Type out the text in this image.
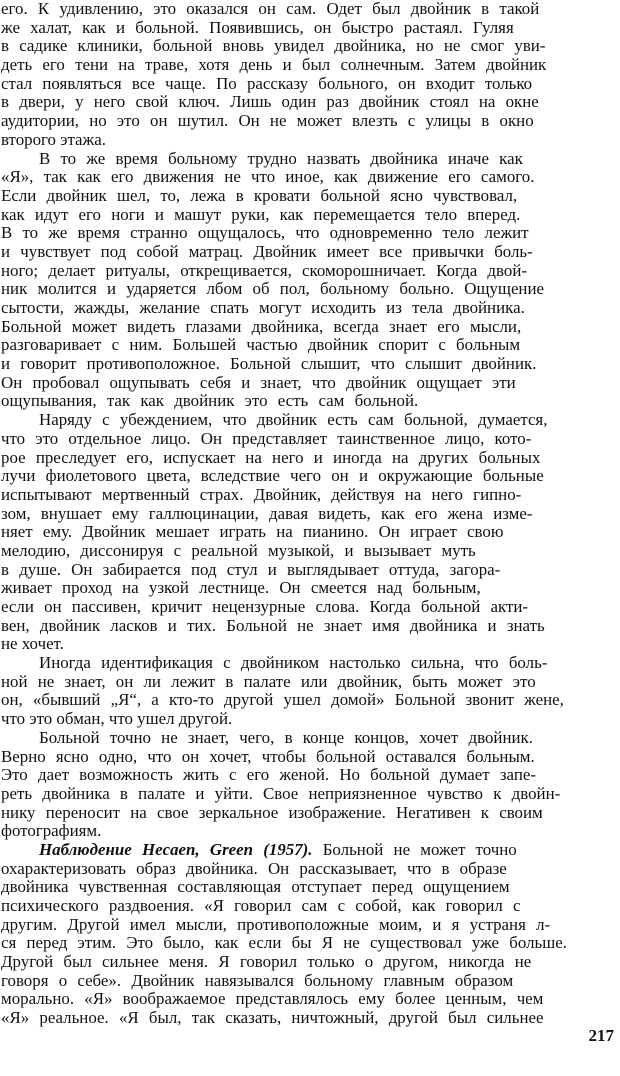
его. К удивлению, это оказался он сам. Одет был двойник в такой
же халат, как и больной. Появившись, он быстро растаял. Гуляя
в садике клиники, больной вновь увидел двойника, но не смог уви-
деть его тени на траве, хотя день и был солнечным. Затем двойник
стал появляться все чаще. По рассказу больного, он входит только
в двери, у него свой ключ. Лишь один раз двойник стоял на окне
аудитории, но это он шутил. Он не может влезть с улицы в окно
второго этажа.
В то же время больному трудно назвать двойника иначе как
«Я», так как его движения не что иное, как движение его самого.
Если двойник шел, то, лежа в кровати больной ясно чувствовал,
как идут его ноги и машут руки, как перемещается тело вперед.
В то же время странно ощущалось, что одновременно тело лежит
и чувствует под собой матрац. Двойник имеет все привычки боль-
ного; делает ритуалы, открещивается, скоморошничает. Когда двой-
ник молится и ударяется лбом об пол, больному больно. Ощущение
сытости, жажды, желание спать могут исходить из тела двойника.
Больной может видеть глазами двойника, всегда знает его мысли,
разговаривает с ним. Большей частью двойник спорит с больным
и говорит противоположное. Больной слышит, что слышит двойник.
Он пробовал ощупывать себя и знает, что двойник ощущает эти
ощупывания, так как двойник это есть сам больной.
Наряду с убеждением, что двойник есть сам больной, думается,
что это отдельное лицо. Он представляет таинственное лицо, кото-
рое преследует его, испускает на него и иногда на других больных
лучи фиолетового цвета, вследствие чего он и окружающие больные
испытывают мертвенный страх. Двойник, действуя на него гипно-
зом, внушает ему галлюцинации, давая видеть, как его жена изме-
няет ему. Двойник мешает играть на пианино. Он играет свою
мелодию, диссонируя с реальной музыкой, и вызывает муть
в душе. Он забирается под стул и выглядывает оттуда, загора-
живает проход на узкой лестнице. Он смеется над больным,
если он пассивен, кричит нецензурные слова. Когда больной акти-
вен, двойник ласков и тих. Больной не знает имя двойника и знать
не хочет.
Иногда идентификация с двойником настолько сильна, что боль-
ной не знает, он ли лежит в палате или двойник, быть может это
он, «бывший „Я“, а кто-то другой ушел домой» Больной звонит жене,
что это обман, что ушел другой.
Больной точно не знает, чего, в конце концов, хочет двойник.
Верно ясно одно, что он хочет, чтобы больной оставался больным.
Это дает возможность жить с его женой. Но больной думает запе-
реть двойника в палате и уйти. Свое неприязненное чувство к двойн-
нику переносит на свое зеркальное изображение. Негативен к своим
фотографиям.
Наблюдение Hecaen, Green (1957). Больной не может точно
охарактеризовать образ двойника. Он рассказывает, что в образе
двойника чувственная составляющая отступает перед ощущением
психического раздвоения. «Я говорил сам с собой, как говорил с
другим. Другой имел мысли, противоположные моим, и я устраня л-
ся перед этим. Это было, как если бы Я не существовал уже больше.
Другой был сильнее меня. Я говорил только о другом, никогда не
говоря о себе». Двойник навязывался больному главным образом
морально. «Я» воображаемое представлялось ему более ценным, чем
«Я» реальное. «Я был, так сказать, ничтожный, другой был сильнее
217
